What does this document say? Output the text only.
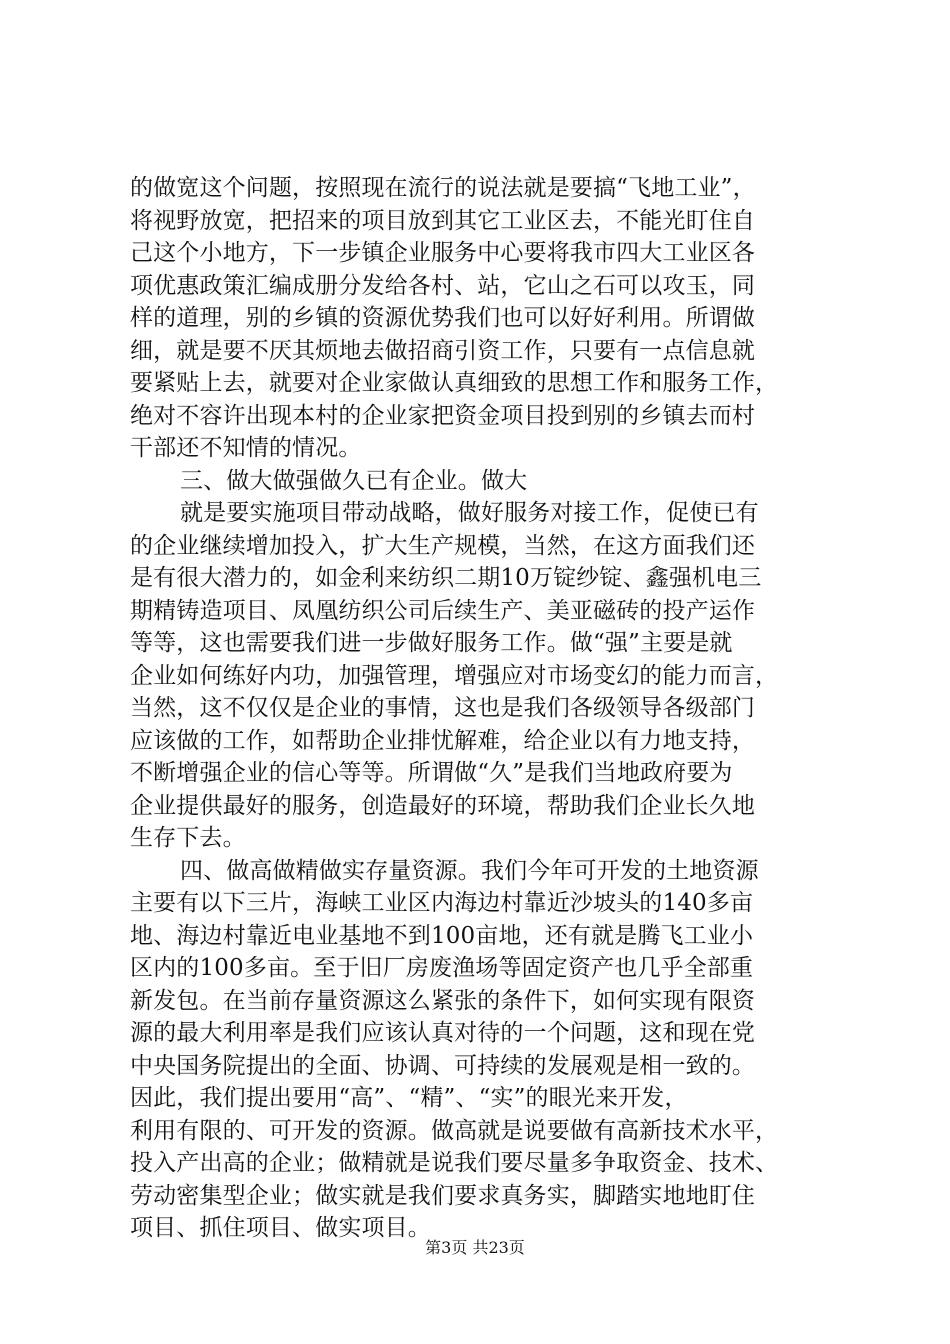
的做宽这个问题，按照现在流行的说法就是要搞“飞地工业”，
将视野放宽，把招来的项目放到其它工业区去，不能光盯住自
己这个小地方，下一步镇企业服务中心要将我市四大工业区各
项优惠政策汇编成册分发给各村、站，它山之石可以攻玉，同
样的道理，别的乡镇的资源优势我们也可以好好利用。所谓做
细，就是要不厌其烦地去做招商引资工作，只要有一点信息就
要紧贴上去，就要对企业家做认真细致的思想工作和服务工作，
绝对不容许出现本村的企业家把资金项目投到别的乡镇去而村
干部还不知情的情况。
三、做大做强做久已有企业。做大
就是要实施项目带动战略，做好服务对接工作，促使已有
的企业继续增加投入，扩大生产规模，当然，在这方面我们还
是有很大潜力的，如金利来纺织二期10万锭纱锭、鑫强机电三
期精铸造项目、凤凰纺织公司后续生产、美亚磁砖的投产运作
等等，这也需要我们进一步做好服务工作。做“强”主要是就
企业如何练好内功，加强管理，增强应对市场变幻的能力而言，
当然，这不仅仅是企业的事情，这也是我们各级领导各级部门
应该做的工作，如帮助企业排忧解难，给企业以有力地支持，
不断增强企业的信心等等。所谓做“久”是我们当地政府要为
企业提供最好的服务，创造最好的环境，帮助我们企业长久地
生存下去。
四、做高做精做实存量资源。我们今年可开发的土地资源
主要有以下三片，海峡工业区内海边村靠近沙坡头的140多亩
地、海边村靠近电业基地不到100亩地，还有就是腾飞工业小
区内的100多亩。至于旧厂房废渔场等固定资产也几乎全部重
新发包。在当前存量资源这么紧张的条件下，如何实现有限资
源的最大利用率是我们应该认真对待的一个问题，这和现在党
中央国务院提出的全面、协调、可持续的发展观是相一致的。
因此，我们提出要用“高”、“精”、“实”的眼光来开发，
利用有限的、可开发的资源。做高就是说要做有高新技术水平，
投入产出高的企业；做精就是说我们要尽量多争取资金、技术、
劳动密集型企业；做实就是我们要求真务实，脚踏实地地盯住
项目、抓住项目、做实项目。
第3页 共23页
